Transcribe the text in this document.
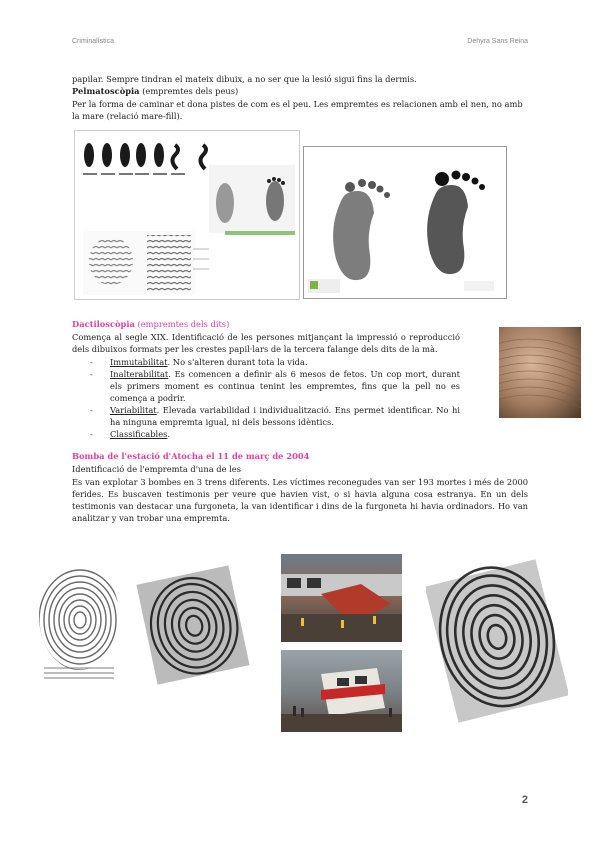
Criminalística	Dehyra Sans Reina
papilar. Sempre tindran el mateix dibuix, a no ser que la lesió sigui fins la dermis.
Pelmatoscòpia (empremtes dels peus)
Per la forma de caminar et dona pistes de com es el peu. Les empremtes es relacionen amb el nen, no amb la mare (relació mare-fill).
Dactiloscòpia (empremtes dels dits)
Comença al segle XIX. Identificació de les persones mitjançant la impressió o reproducció dels dibuixos formats per les crestes papil·lars de la tercera falange dels dits de la mà.
- Immutabilitat. No s'alteren durant tota la vida.
- Inalterabilitat. Es comencen a definir als 6 mesos de fetos. Un cop mort, durant els primers moment es continua tenint les empremtes, fins que la pell no es comença a podrir.
- Variabilitat. Elevada variabilidad i individualització. Ens permet identificar. No hi ha ninguna empremta igual, ni dels bessons idèntics.
- Classificables.
Bomba de l'estació d'Atocha el 11 de març de 2004
Identificació de l'empremta d'una de les
Es van explotar 3 bombes en 3 trens diferents. Les víctimes reconegudes van ser 193 mortes i més de 2000 ferides. Es buscaven testimonis per veure que havien vist, o si havia alguna cosa estranya. En un dels testimonis van destacar una furgoneta, la van identificar i dins de la furgoneta hi havia ordinadors. Ho van analitzar y van trobar una empremta.
2
